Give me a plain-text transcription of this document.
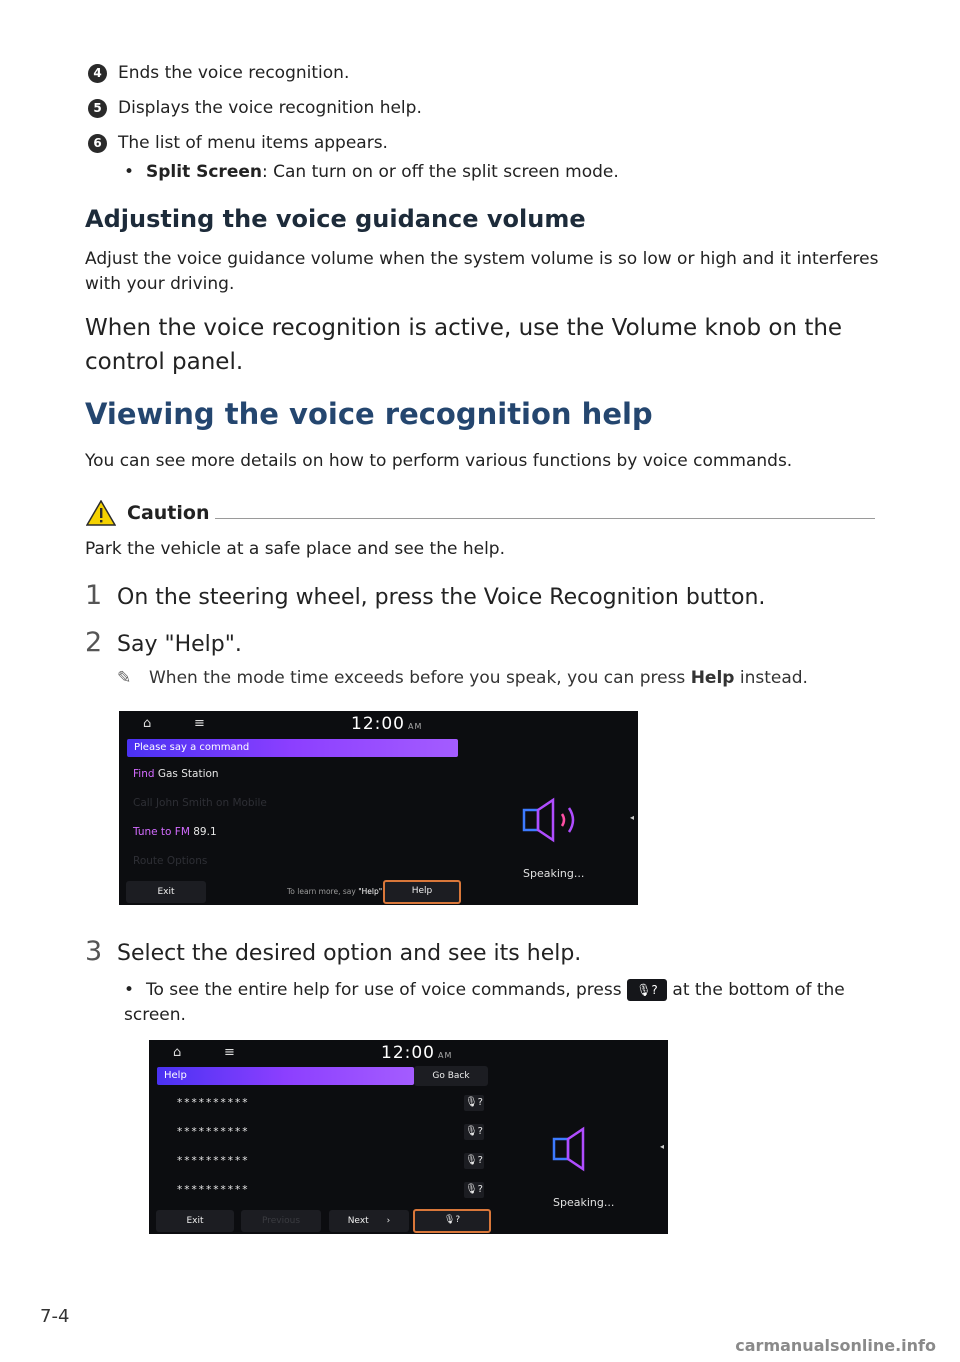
4 Ends the voice recognition.
5 Displays the voice recognition help.
6 The list of menu items appears.
• Split Screen: Can turn on or off the split screen mode.
Adjusting the voice guidance volume
Adjust the voice guidance volume when the system volume is so low or high and it interferes with your driving.
When the voice recognition is active, use the Volume knob on the control panel.
Viewing the voice recognition help
You can see more details on how to perform various functions by voice commands.
Caution
Park the vehicle at a safe place and see the help.
1 On the steering wheel, press the Voice Recognition button.
2 Say "Help".
✎ When the mode time exceeds before you speak, you can press Help instead.
⌂	≡	12:00 AM
Please say a command
Find Gas Station
Call John Smith on Mobile
Tune to FM 89.1
Route Options
Exit	To learn more, say "Help"	Help
Speaking...
◂
3 Select the desired option and see its help.
• To see the entire help for use of voice commands, press 🎙? at the bottom of the screen.
⌂	≡	12:00 AM
Help	Go Back
**********	🎙?
**********	🎙?
**********	🎙?
**********	🎙?
Exit	Previous	Next ›	🎙?
Speaking...
◂
7-4
carmanualsonline.info
